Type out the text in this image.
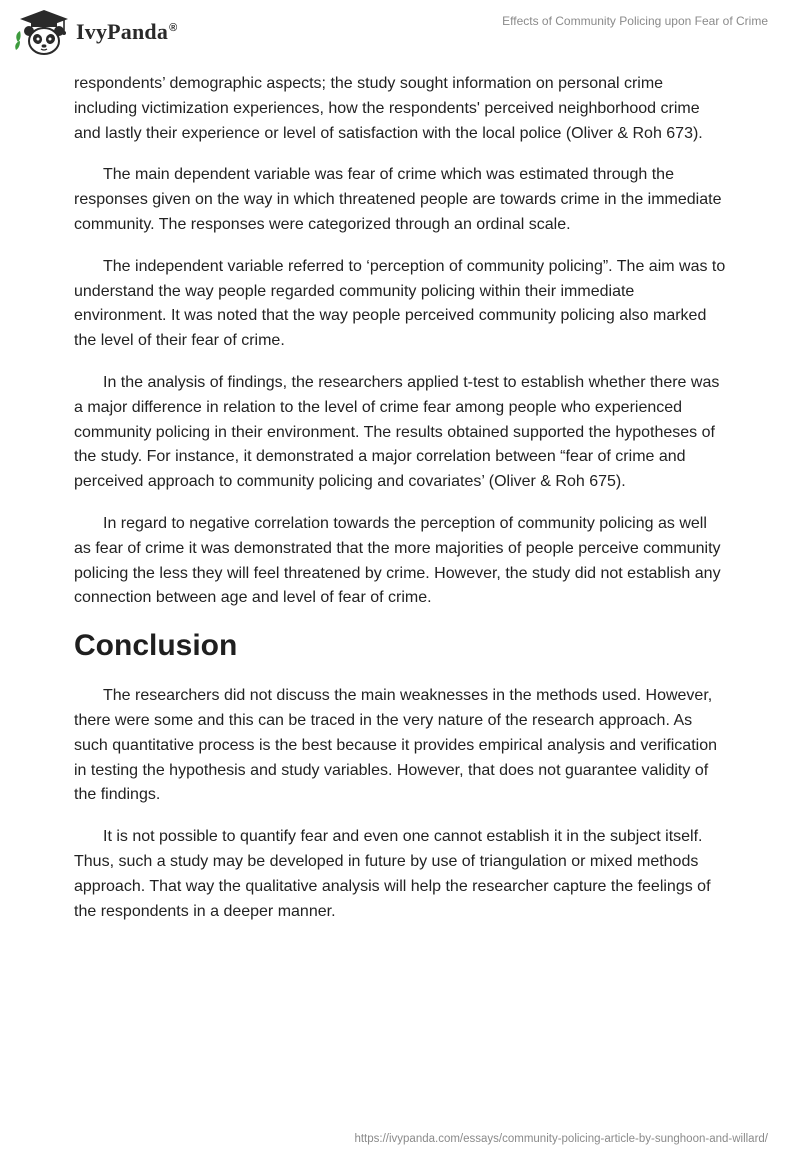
IvyPanda®	Effects of Community Policing upon Fear of Crime

respondents’ demographic aspects; the study sought information on personal crime including victimization experiences, how the respondents' perceived neighborhood crime and lastly their experience or level of satisfaction with the local police (Oliver & Roh 673).

The main dependent variable was fear of crime which was estimated through the responses given on the way in which threatened people are towards crime in the immediate community. The responses were categorized through an ordinal scale.

The independent variable referred to ‘perception of community policing”. The aim was to understand the way people regarded community policing within their immediate environment. It was noted that the way people perceived community policing also marked the level of their fear of crime.

In the analysis of findings, the researchers applied t-test to establish whether there was a major difference in relation to the level of crime fear among people who experienced community policing in their environment. The results obtained supported the hypotheses of the study. For instance, it demonstrated a major correlation between “fear of crime and perceived approach to community policing and covariates’ (Oliver & Roh 675).

In regard to negative correlation towards the perception of community policing as well as fear of crime it was demonstrated that the more majorities of people perceive community policing the less they will feel threatened by crime. However, the study did not establish any connection between age and level of fear of crime.

Conclusion

The researchers did not discuss the main weaknesses in the methods used. However, there were some and this can be traced in the very nature of the research approach. As such quantitative process is the best because it provides empirical analysis and verification in testing the hypothesis and study variables. However, that does not guarantee validity of the findings.

It is not possible to quantify fear and even one cannot establish it in the subject itself. Thus, such a study may be developed in future by use of triangulation or mixed methods approach. That way the qualitative analysis will help the researcher capture the feelings of the respondents in a deeper manner.

https://ivypanda.com/essays/community-policing-article-by-sunghoon-and-willard/
